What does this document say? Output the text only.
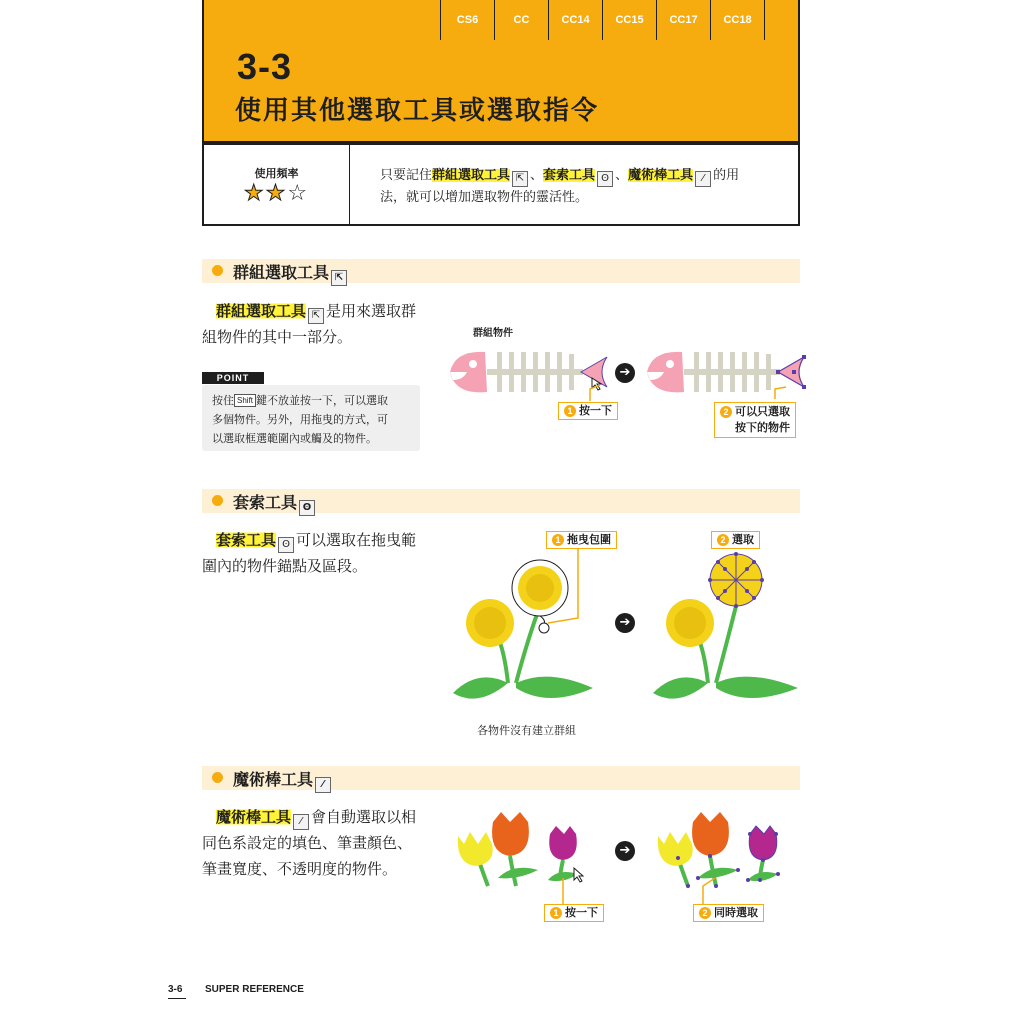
CS6	CC	CC14	CC15	CC17	CC18
3-3
使用其他選取工具或選取指令
使用頻率
★★☆
只要記住群組選取工具 ⇱ 、套索工具 ʘ 、魔術棒工具 ⁄ 的用
法，就可以增加選取物件的靈活性。
群組選取工具 ⇱
群組選取工具 ⇱ 是用來選取群
組物件的其中一部分。
POINT
按住 Shift 鍵不放並按一下，可以選取
多個物件。另外，用拖曳的方式，可
以選取框選範圍內或觸及的物件。
群組物件
➔
1 按一下	2 可以只選取
按下的物件
套索工具 ʘ
套索工具 ʘ 可以選取在拖曳範
圍內的物件錨點及區段。
1 拖曳包圍	2 選取
➔
各物件沒有建立群組
魔術棒工具 ⁄
魔術棒工具 ⁄ 會自動選取以相
同色系設定的填色、筆畫顏色、
筆畫寬度、不透明度的物件。
➔
1 按一下	2 同時選取
3-6 SUPER REFERENCE
